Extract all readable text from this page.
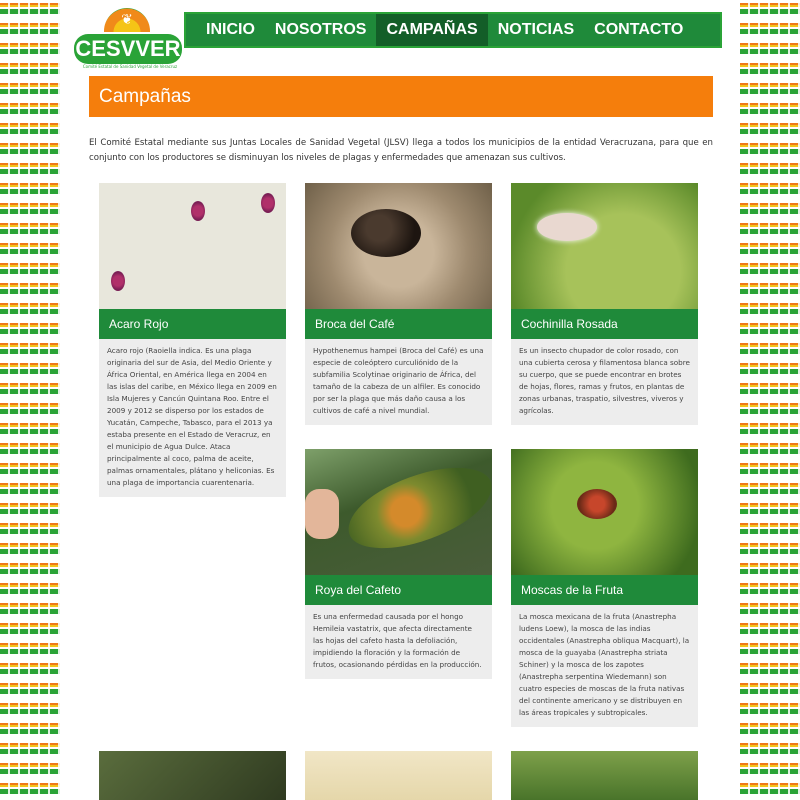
❦
CESVVER
Comité Estatal de Sanidad Vegetal de Veracruz
INICIO	NOSOTROS	CAMPAÑAS	NOTICIAS	CONTACTO
Campañas

El Comité Estatal mediante sus Juntas Locales de Sanidad Vegetal (JLSV) llega a todos los municipios de la entidad Veracruzana, para que en conjunto con los productores se disminuyan los niveles de plagas y enfermedades que amenazan sus cultivos.

Acaro Rojo
Acaro rojo (Raoiella indica. Es una plaga originaria del sur de Asia, del Medio Oriente y África Oriental, en América llega en 2004 en las islas del caribe, en México llega en 2009 en Isla Mujeres y Cancún Quintana Roo. Entre el 2009 y 2012 se disperso por los estados de Yucatán, Campeche, Tabasco, para el 2013 ya estaba presente en el Estado de Veracruz, en el municipio de Agua Dulce. Ataca principalmente al coco, palma de aceite, palmas ornamentales, plátano y heliconias. Es una plaga de importancia cuarentenaria.
Broca del Café
Hypothenemus hampei (Broca del Café) es una especie de coleóptero curculiónido de la subfamilia Scolytinae originario de África, del tamaño de la cabeza de un alfiler. Es conocido por ser la plaga que más daño causa a los cultivos de café a nivel mundial.
Cochinilla Rosada
Es un insecto chupador de color rosado, con una cubierta cerosa y filamentosa blanca sobre su cuerpo, que se puede encontrar en brotes de hojas, flores, ramas y frutos, en plantas de zonas urbanas, traspatio, silvestres, viveros y agrícolas.
Roya del Cafeto
Es una enfermedad causada por el hongo Hemileia vastatrix, que afecta directamente las hojas del cafeto hasta la defoliación, impidiendo la floración y la formación de frutos, ocasionando pérdidas en la producción.
Moscas de la Fruta
La mosca mexicana de la fruta (Anastrepha ludens Loew), la mosca de las indias occidentales (Anastrepha obliqua Macquart), la mosca de la guayaba (Anastrepha striata Schiner) y la mosca de los zapotes (Anastrepha serpentina Wiedemann) son cuatro especies de moscas de la fruta nativas del continente americano y se distribuyen en las áreas tropicales y subtropicales.
